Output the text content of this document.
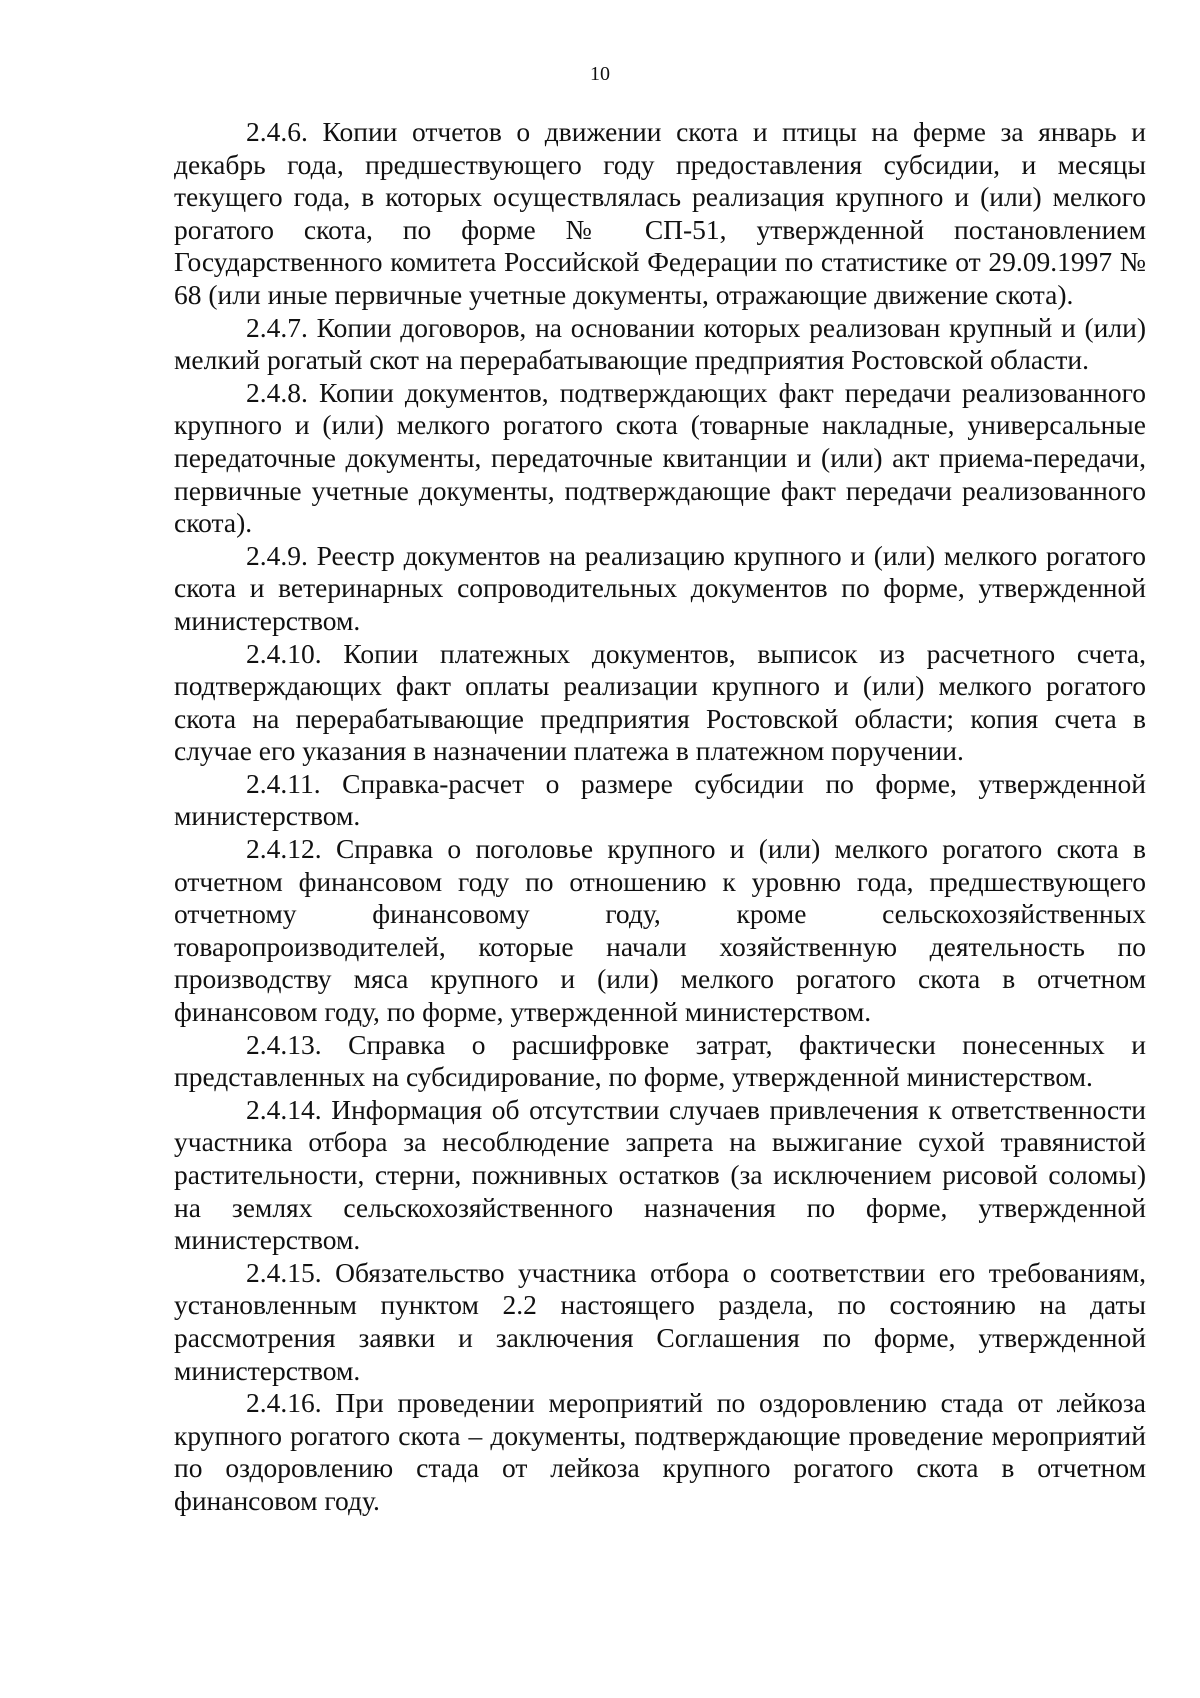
10

2.4.6. Копии отчетов о движении скота и птицы на ферме за январь и декабрь года, предшествующего году предоставления субсидии, и месяцы текущего года, в которых осуществлялась реализация крупного и (или) мелкого рогатого скота, по форме № СП-51, утвержденной постановлением Государственного комитета Российской Федерации по статистике от 29.09.1997 № 68 (или иные первичные учетные документы, отражающие движение скота).

2.4.7. Копии договоров, на основании которых реализован крупный и (или) мелкий рогатый скот на перерабатывающие предприятия Ростовской области.

2.4.8. Копии документов, подтверждающих факт передачи реализованного крупного и (или) мелкого рогатого скота (товарные накладные, универсальные передаточные документы, передаточные квитанции и (или) акт приема-передачи, первичные учетные документы, подтверждающие факт передачи реализованного скота).

2.4.9. Реестр документов на реализацию крупного и (или) мелкого рогатого скота и ветеринарных сопроводительных документов по форме, утвержденной министерством.

2.4.10. Копии платежных документов, выписок из расчетного счета, подтверждающих факт оплаты реализации крупного и (или) мелкого рогатого скота на перерабатывающие предприятия Ростовской области; копия счета в случае его указания в назначении платежа в платежном поручении.

2.4.11. Справка-расчет о размере субсидии по форме, утвержденной министерством.

2.4.12. Справка о поголовье крупного и (или) мелкого рогатого скота в отчетном финансовом году по отношению к уровню года, предшествующего отчетному финансовому году, кроме сельскохозяйственных товаропроизводителей, которые начали хозяйственную деятельность по производству мяса крупного и (или) мелкого рогатого скота в отчетном финансовом году, по форме, утвержденной министерством.

2.4.13. Справка о расшифровке затрат, фактически понесенных и представленных на субсидирование, по форме, утвержденной министерством.

2.4.14. Информация об отсутствии случаев привлечения к ответственности участника отбора за несоблюдение запрета на выжигание сухой травянистой растительности, стерни, пожнивных остатков (за исключением рисовой соломы) на землях сельскохозяйственного назначения по форме, утвержденной министерством.

2.4.15. Обязательство участника отбора о соответствии его требованиям, установленным пунктом 2.2 настоящего раздела, по состоянию на даты рассмотрения заявки и заключения Соглашения по форме, утвержденной министерством.

2.4.16. При проведении мероприятий по оздоровлению стада от лейкоза крупного рогатого скота – документы, подтверждающие проведение мероприятий по оздоровлению стада от лейкоза крупного рогатого скота в отчетном финансовом году.
